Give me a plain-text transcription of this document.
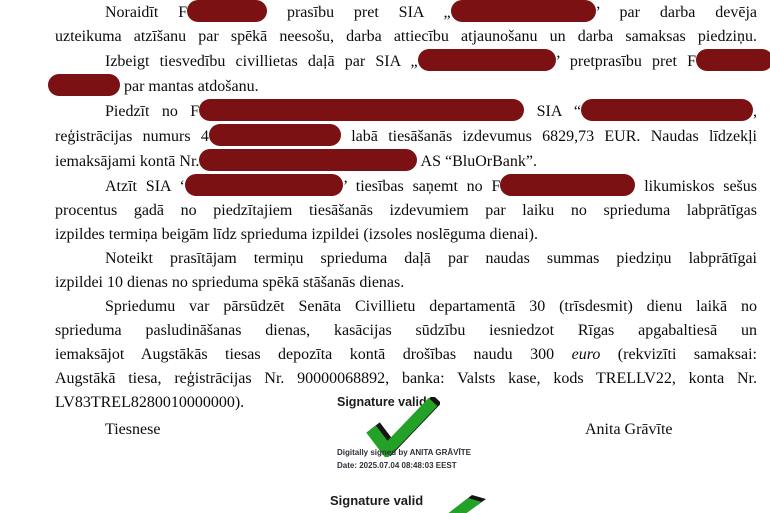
Noraidīt F	prasību pret SIA „	’ par darba devēja
uzteikuma atzīšanu par spēkā neesošu, darba attiecību atjaunošanu un darba samaksas piedziņu.
Izbeigt tiesvedību civillietas daļā par SIA „	’ pretprasību pret F
par mantas atdošanu.
Piedzīt no F	SIA “	,
reģistrācijas numurs 4	labā tiesāšanās izdevumus 6829,73 EUR. Naudas līdzekļi
iemaksājami kontā Nr.	AS “BluOrBank”.
Atzīt SIA ‘	’ tiesības saņemt no F	likumiskos sešus
procentus gadā no piedzītajiem tiesāšanās izdevumiem par laiku no sprieduma labprātīgas
izpildes termiņa beigām līdz sprieduma izpildei (izsoles noslēguma dienai).
Noteikt prasītājam termiņu sprieduma daļā par naudas summas piedziņu labprātīgai
izpildei 10 dienas no sprieduma spēkā stāšanās dienas.
Spriedumu var pārsūdzēt Senāta Civillietu departamentā 30 (trīsdesmit) dienu laikā no
sprieduma pasludināšanas dienas, kasācijas sūdzību iesniedzot Rīgas apgabaltiesā un
iemaksājot Augstākās tiesas depozīta kontā drošības naudu 300 euro (rekvizīti samaksai:
Augstākā tiesa, reģistrācijas Nr. 90000068892, banka: Valsts kase, kods TRELLV22, konta Nr.
LV83TREL8280010000000).	Signature valid
Digitally signed by ANITA GRĀVĪTE
Date: 2025.07.04 08:48:03 EEST
Tiesnese	Anita Grāvīte
Signature valid
